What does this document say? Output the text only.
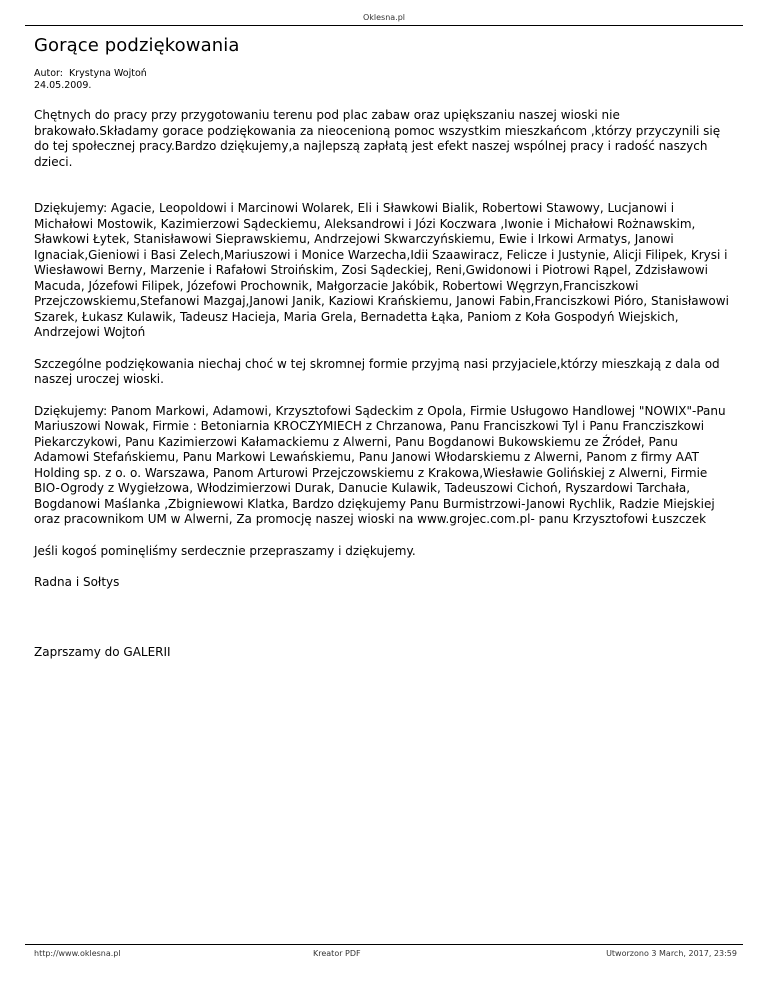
Oklesna.pl
Gorące podziękowania
Autor: Krystyna Wojtoń
24.05.2009.

Chętnych do pracy przy przygotowaniu terenu pod plac zabaw oraz upiększaniu naszej wioski nie brakowało.Składamy gorace podziękowania za nieocenioną pomoc wszystkim mieszkańcom ,którzy przyczynili się do tej społecznej pracy.Bardzo dziękujemy,a najlepszą zapłatą jest efekt naszej wspólnej pracy i radość naszych dzieci.

Dziękujemy: Agacie, Leopoldowi i Marcinowi Wolarek, Eli i Sławkowi Bialik, Robertowi Stawowy, Lucjanowi i Michałowi Mostowik, Kazimierzowi Sądeckiemu, Aleksandrowi i Józi Koczwara ,Iwonie i Michałowi Rożnawskim, Sławkowi Łytek, Stanisławowi Sieprawskiemu, Andrzejowi Skwarczyńskiemu, Ewie i Irkowi Armatys, Janowi Ignaciak,Gieniowi i Basi Zelech,Mariuszowi i Monice Warzecha,Idii Szaawiracz, Felicze i Justynie, Alicji Filipek, Krysi i Wiesławowi Berny, Marzenie i Rafałowi Stroińskim, Zosi Sądeckiej, Reni,Gwidonowi i Piotrowi Rąpel, Zdzisławowi Macuda, Józefowi Filipek, Józefowi Prochownik, Małgorzacie Jakóbik, Robertowi Węgrzyn,Franciszkowi Przejczowskiemu,Stefanowi Mazgaj,Janowi Janik, Kaziowi Krańskiemu, Janowi Fabin,Franciszkowi Pióro, Stanisławowi Szarek, Łukasz Kulawik, Tadeusz Hacieja, Maria Grela, Bernadetta Łąka, Paniom z Koła Gospodyń Wiejskich, Andrzejowi Wojtoń

Szczególne podziękowania niechaj choć w tej skromnej formie przyjmą nasi przyjaciele,którzy mieszkają z dala od naszej uroczej wioski.

Dziękujemy: Panom Markowi, Adamowi, Krzysztofowi Sądeckim z Opola, Firmie Usługowo Handlowej "NOWIX"-Panu Mariuszowi Nowak, Firmie : Betoniarnia KROCZYMIECH z Chrzanowa, Panu Franciszkowi Tyl i Panu Francziszkowi Piekarczykowi, Panu Kazimierzowi Kałamackiemu z Alwerni, Panu Bogdanowi Bukowskiemu ze Źródeł, Panu Adamowi Stefańskiemu, Panu Markowi Lewańskiemu, Panu Janowi Włodarskiemu z Alwerni, Panom z firmy AAT Holding sp. z o. o. Warszawa, Panom Arturowi Przejczowskiemu z Krakowa,Wiesławie Golińskiej z Alwerni, Firmie BIO-Ogrody z Wygiełzowa, Włodzimierzowi Durak, Danucie Kulawik, Tadeuszowi Cichoń, Ryszardowi Tarchała, Bogdanowi Maślanka ,Zbigniewowi Klatka, Bardzo dziękujemy Panu Burmistrzowi-Janowi Rychlik, Radzie Miejskiej oraz pracownikom UM w Alwerni, Za promocję naszej wioski na www.grojec.com.pl- panu Krzysztofowi Łuszczek

Jeśli kogoś pominęliśmy serdecznie przepraszamy i dziękujemy.

Radna i Sołtys

Zaprszamy do GALERII

http://www.oklesna.pl	Kreator PDF	Utworzono 3 March, 2017, 23:59
